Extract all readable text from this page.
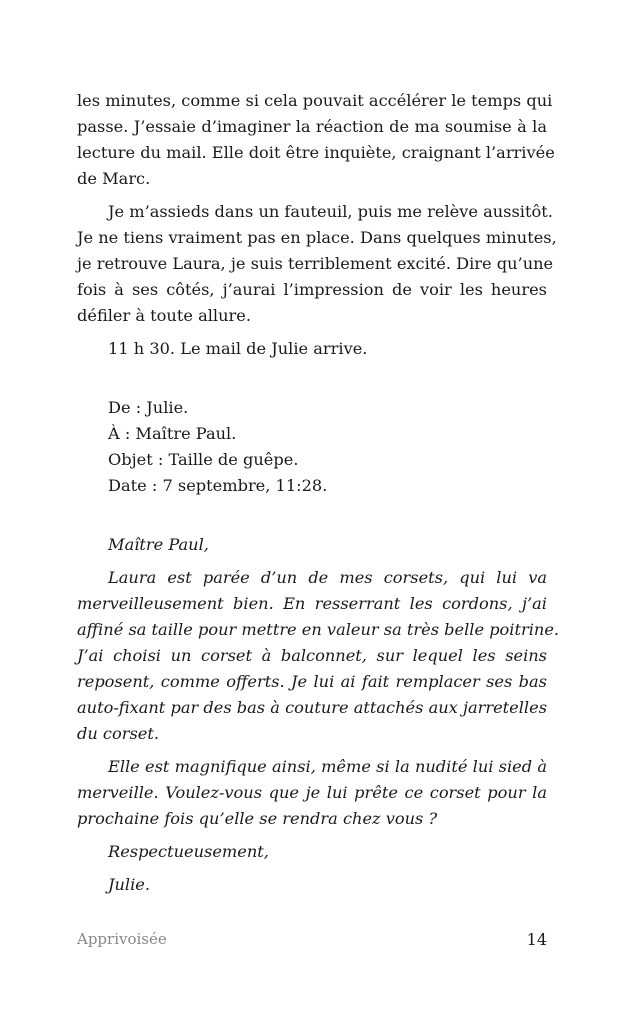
les minutes, comme si cela pouvait accélérer le temps qui

passe. J’essaie d’imaginer la réaction de ma soumise à la

lecture du mail. Elle doit être inquiète, craignant l’arrivée

de Marc.

Je m’assieds dans un fauteuil, puis me relève aussitôt.

Je ne tiens vraiment pas en place. Dans quelques minutes,

je retrouve Laura, je suis terriblement excité. Dire qu’une

fois à ses côtés, j’aurai l’impression de voir les heures

défiler à toute allure.

11 h 30. Le mail de Julie arrive.

De : Julie.

À : Maître Paul.

Objet : Taille de guêpe.

Date : 7 septembre, 11:28.

Maître Paul,

Laura est parée d’un de mes corsets, qui lui va

merveilleusement bien. En resserrant les cordons, j’ai

affiné sa taille pour mettre en valeur sa très belle poitrine.

J’ai choisi un corset à balconnet, sur lequel les seins

reposent, comme offerts. Je lui ai fait remplacer ses bas

auto-fixant par des bas à couture attachés aux jarretelles

du corset.

Elle est magnifique ainsi, même si la nudité lui sied à

merveille. Voulez-vous que je lui prête ce corset pour la

prochaine fois qu’elle se rendra chez vous ?

Respectueusement,

Julie.

Apprivoisée	14
